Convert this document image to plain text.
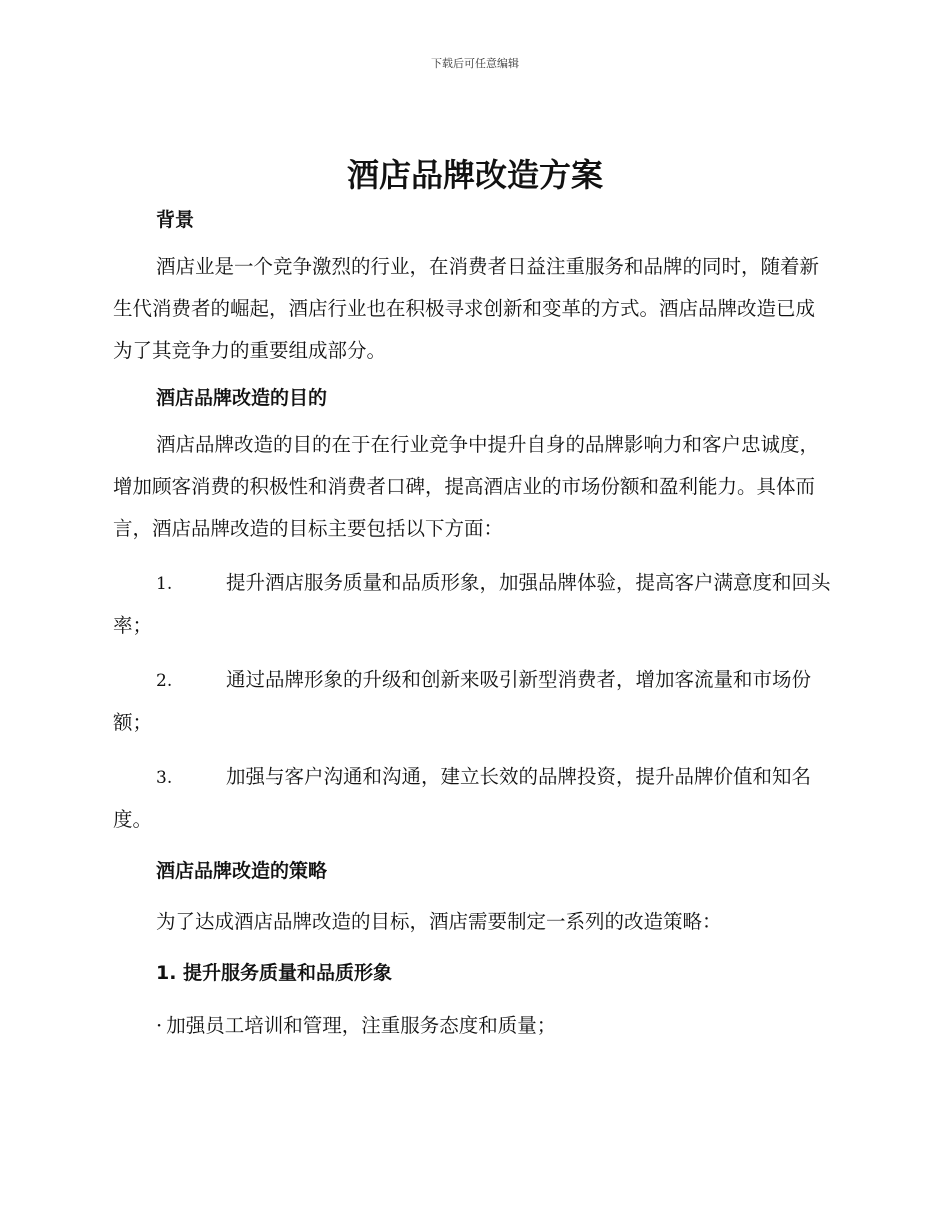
下载后可任意编辑
酒店品牌改造方案

背景

酒店业是一个竞争激烈的行业，在消费者日益注重服务和品牌的同时，随着新生代消费者的崛起，酒店行业也在积极寻求创新和变革的方式。酒店品牌改造已成为了其竞争力的重要组成部分。

酒店品牌改造的目的

酒店品牌改造的目的在于在行业竞争中提升自身的品牌影响力和客户忠诚度，增加顾客消费的积极性和消费者口碑，提高酒店业的市场份额和盈利能力。具体而言，酒店品牌改造的目标主要包括以下方面：

1.	提升酒店服务质量和品质形象，加强品牌体验，提高客户满意度和回头率；

2.	通过品牌形象的升级和创新来吸引新型消费者，增加客流量和市场份额；

3.	加强与客户沟通和沟通，建立长效的品牌投资，提升品牌价值和知名度。

酒店品牌改造的策略

为了达成酒店品牌改造的目标，酒店需要制定一系列的改造策略：

1. 提升服务质量和品质形象

· 加强员工培训和管理，注重服务态度和质量；
